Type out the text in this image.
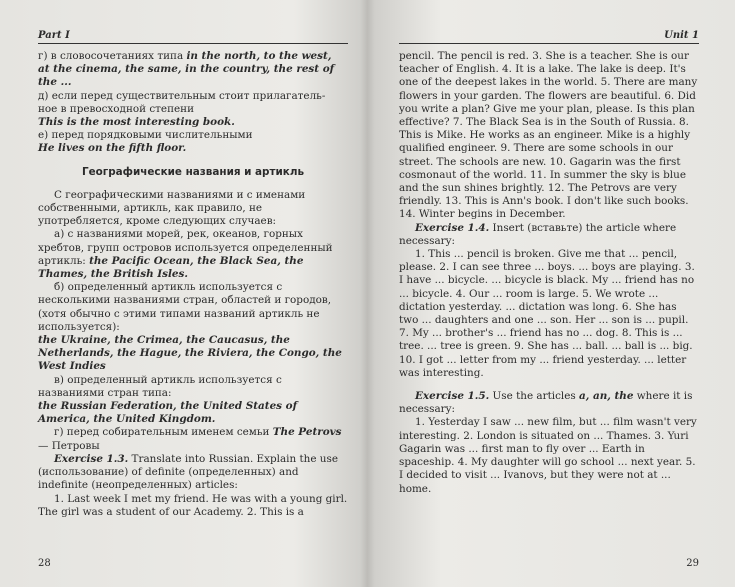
Part I

г) в словосочетаниях типа in the north, to the west,

at the cinema, the same, in the country, the rest of the ...

д) если перед существительным стоит прилагатель-

ное в превосходной степени

This is the most interesting book.

е) перед порядковыми числительными

He lives on the fifth floor.

Географические названия и артикль

С географическими названиями и с именами собственными, артикль, как правило, не употребляется, кроме следующих случаев:

а) с названиями морей, рек, океанов, горных хребтов, групп островов используется определенный артикль: the Pacific Ocean, the Black Sea, the Thames, the British Isles.

б) определенный артикль используется с несколькими названиями стран, областей и городов, (хотя обычно с этими типами названий артикль не используется):

the Ukraine, the Crimea, the Caucasus, the Netherlands, the Hague, the Riviera, the Congo, the West Indies

в) определенный артикль используется с названиями стран типа:

the Russian Federation, the United States of America, the United Kingdom.

г) перед собирательным именем семьи The Petrovs — Петровы

Exercise 1.3. Translate into Russian. Explain the use (использование) of definite (определенных) and indefinite (неопределенных) articles:

1. Last week I met my friend. He was with a young girl. The girl was a student of our Academy. 2. This is a

28
Unit 1

pencil. The pencil is red. 3. She is a teacher. She is our teacher of English. 4. It is a lake. The lake is deep. It's one of the deepest lakes in the world. 5. There are many flowers in your garden. The flowers are beautiful. 6. Did you write a plan? Give me your plan, please. Is this plan effective? 7. The Black Sea is in the South of Russia. 8. This is Mike. He works as an engineer. Mike is a highly qualified engineer. 9. There are some schools in our street. The schools are new. 10. Gagarin was the first cosmonaut of the world. 11. In summer the sky is blue and the sun shines brightly. 12. The Petrovs are very friendly. 13. This is Ann's book. I don't like such books. 14. Winter begins in December.

Exercise 1.4. Insert (вставьте) the article where necessary:

1. This ... pencil is broken. Give me that ... pencil, please. 2. I can see three ... boys. ... boys are playing. 3. I have ... bicycle. ... bicycle is black. My ... friend has no ... bicycle. 4. Our ... room is large. 5. We wrote ... dictation yesterday. ... dictation was long. 6. She has two ... daughters and one ... son. Her ... son is ... pupil. 7. My ... brother's ... friend has no ... dog. 8. This is ... tree. ... tree is green. 9. She has ... ball. ... ball is ... big. 10. I got ... letter from my ... friend yesterday. ... letter was interesting.

Exercise 1.5. Use the articles a, an, the where it is necessary:

1. Yesterday I saw ... new film, but ... film wasn't very interesting. 2. London is situated on ... Thames. 3. Yuri Gagarin was ... first man to fly over ... Earth in spaceship. 4. My daughter will go school ... next year. 5. I decided to visit ... Ivanovs, but they were not at ... home.

29
